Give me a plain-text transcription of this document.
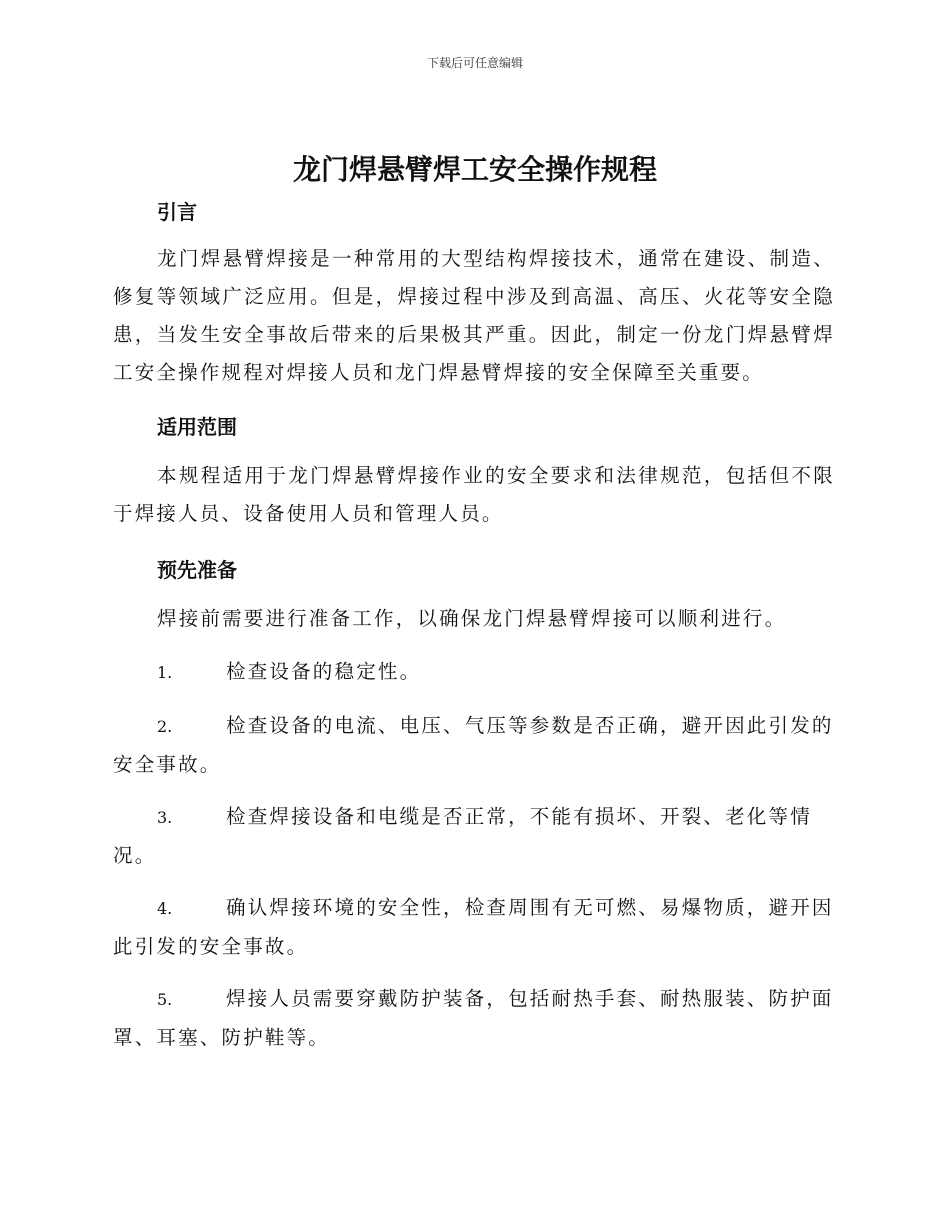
下载后可任意编辑
龙门焊悬臂焊工安全操作规程
引言

龙门焊悬臂焊接是一种常用的大型结构焊接技术，通常在建设、制造、修复等领域广泛应用。但是，焊接过程中涉及到高温、高压、火花等安全隐患，当发生安全事故后带来的后果极其严重。因此，制定一份龙门焊悬臂焊工安全操作规程对焊接人员和龙门焊悬臂焊接的安全保障至关重要。

适用范围

本规程适用于龙门焊悬臂焊接作业的安全要求和法律规范，包括但不限于焊接人员、设备使用人员和管理人员。

预先准备

焊接前需要进行准备工作，以确保龙门焊悬臂焊接可以顺利进行。

1.	检查设备的稳定性。

2.	检查设备的电流、电压、气压等参数是否正确，避开因此引发的安全事故。

3.	检查焊接设备和电缆是否正常，不能有损坏、开裂、老化等情况。

4.	确认焊接环境的安全性，检查周围有无可燃、易爆物质，避开因此引发的安全事故。

5.	焊接人员需要穿戴防护装备，包括耐热手套、耐热服装、防护面罩、耳塞、防护鞋等。
